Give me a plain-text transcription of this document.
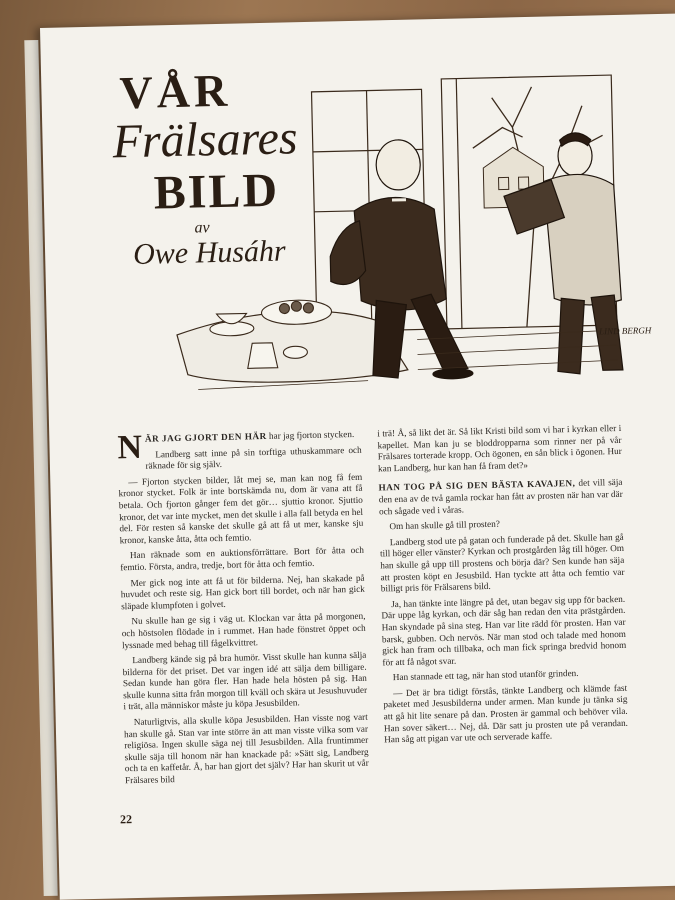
VÅR
Frälsares
BILD
av
Owe Husáhr
LIND BERGH

NÄR JAG GJORT DEN HÄR har jag fjorton stycken.

Landberg satt inne på sin torftiga uthuskammare och räknade för sig själv.

— Fjorton stycken bilder, låt mej se, man kan nog få fem kronor stycket. Folk är inte bortskämda nu, dom är vana att få betala. Och fjorton gånger fem det gör… sjuttio kronor. Sjuttio kronor, det var inte mycket, men det skulle i alla fall betyda en hel del. För resten så kanske det skulle gå att få ut mer, kanske sju kronor, kanske åtta, åtta och femtio.

Han räknade som en auktionsförrättare. Bort för åtta och femtio. Första, andra, tredje, bort för åtta och femtio.

Mer gick nog inte att få ut för bilderna. Nej, han skakade på huvudet och reste sig. Han gick bort till bordet, och när han gick släpade klumpfoten i golvet.

Nu skulle han ge sig i väg ut. Klockan var åtta på morgonen, och höstsolen flödade in i rummet. Han hade fönstret öppet och lyssnade med behag till fågelkvittret.

Landberg kände sig på bra humör. Visst skulle han kunna sälja bilderna för det priset. Det var ingen idé att sälja dem billigare. Sedan kunde han göra fler. Han hade hela hösten på sig. Han skulle kunna sitta från morgon till kväll och skära ut Jesushuvuder i trät, alla människor måste ju köpa Jesusbilden.

Naturligtvis, alla skulle köpa Jesusbilden. Han visste nog vart han skulle gå. Stan var inte större än att man visste vilka som var religiösa. Ingen skulle säga nej till Jesusbilden. Alla fruntimmer skulle säja till honom när han knackade på: »Sätt sig, Landberg och ta en kaffetår. Å, har han gjort det själv? Har han skurit ut vår Frälsares bild

i trä! Å, så likt det är. Så likt Kristi bild som vi har i kyrkan eller i kapellet. Man kan ju se bloddropparna som rinner ner på vår Frälsares torterade kropp. Och ögonen, en sån blick i ögonen. Hur kan Landberg, hur kan han få fram det?»

HAN TOG PÅ SIG DEN BÄSTA KAVAJEN, det vill säja den ena av de två gamla rockar han fått av prosten när han var där och sågade ved i våras.

Om han skulle gå till prosten?

Landberg stod ute på gatan och funderade på det. Skulle han gå till höger eller vänster? Kyrkan och prostgården låg till höger. Om han skulle gå upp till prostens och börja där? Sen kunde han säja att prosten köpt en Jesusbild. Han tyckte att åtta och femtio var billigt pris för Frälsarens bild.

Ja, han tänkte inte längre på det, utan begav sig upp för backen. Där uppe låg kyrkan, och där såg han redan den vita prästgården. Han skyndade på sina steg. Han var lite rädd för prosten. Han var barsk, gubben. Och nervös. När man stod och talade med honom gick han fram och tillbaka, och man fick springa bredvid honom för att få något svar.

Han stannade ett tag, när han stod utanför grinden.

— Det är bra tidigt förstås, tänkte Landberg och klämde fast paketet med Jesusbilderna under armen. Man kunde ju tänka sig att gå hit lite senare på dan. Prosten är gammal och behöver vila. Han sover säkert… Nej, då. Där satt ju prosten ute på verandan. Han såg att pigan var ute och serverade kaffe.

22
